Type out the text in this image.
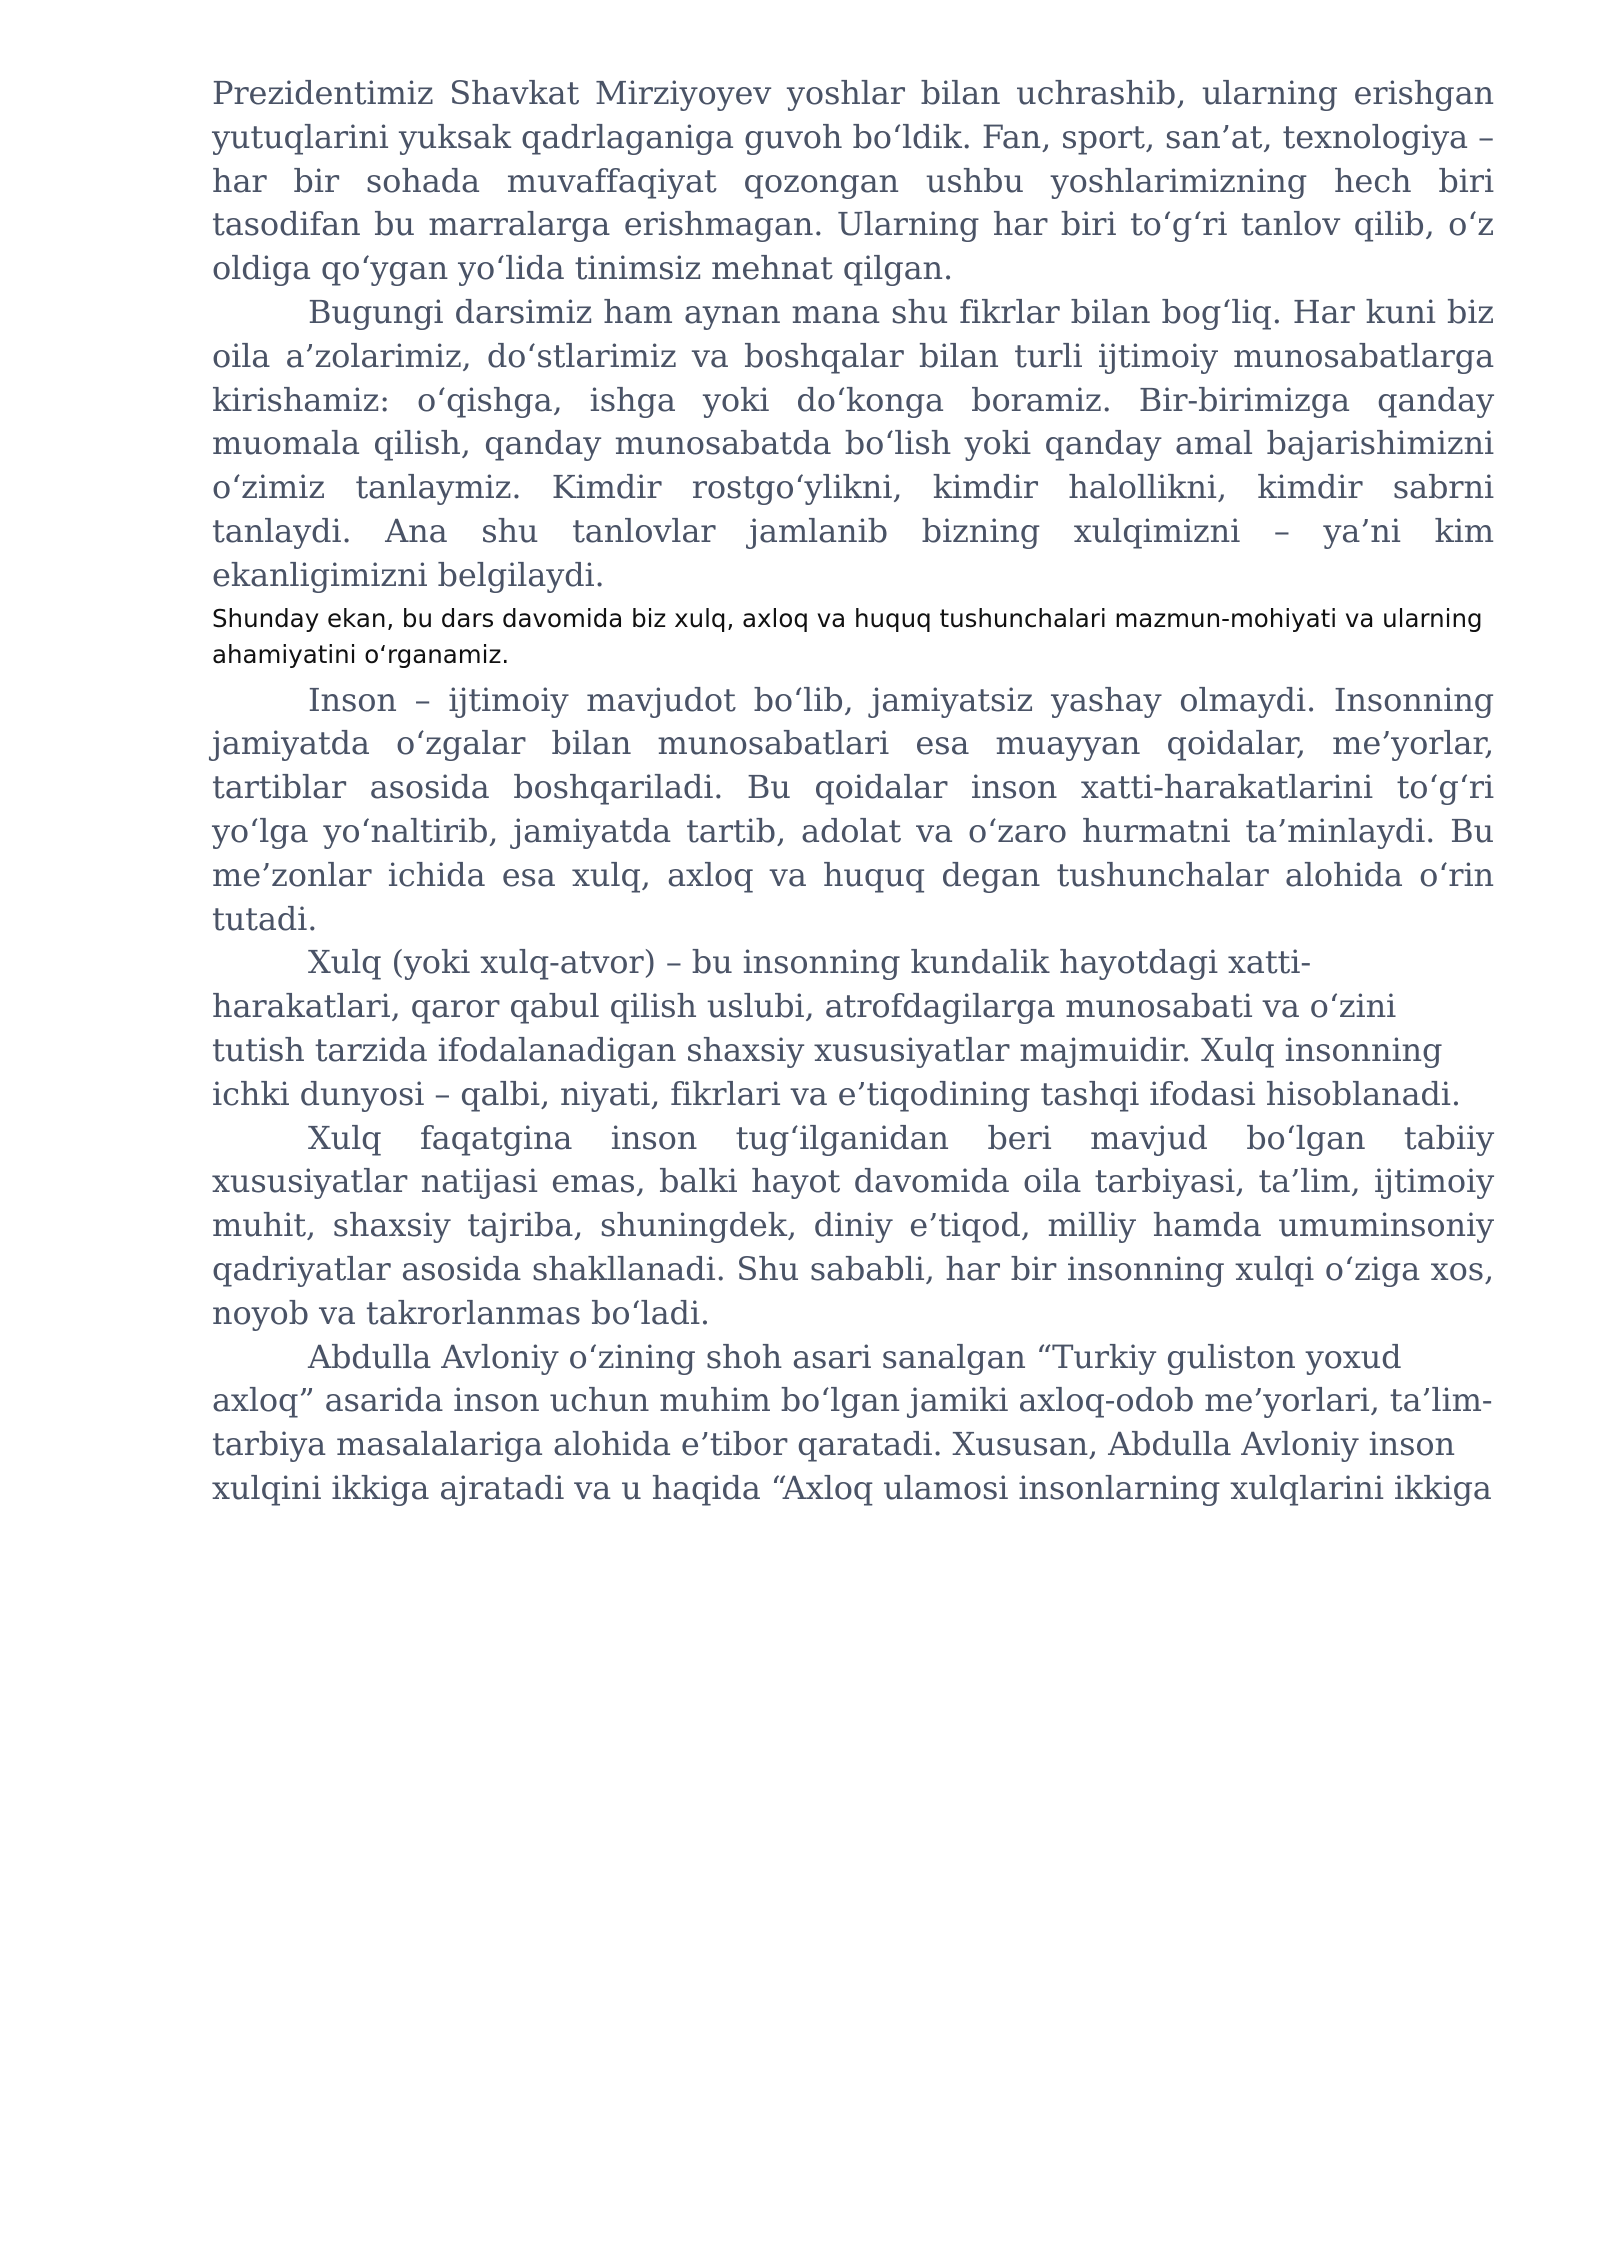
Prezidentimiz Shavkat Mirziyoyev yoshlar bilan uchrashib, ularning erishgan yutuqlarini yuksak qadrlaganiga guvoh bo‘ldik. Fan, sport, san’at, texnologiya – har bir sohada muvaffaqiyat qozongan ushbu yoshlarimizning hech biri tasodifan bu marralarga erishmagan. Ularning har biri to‘g‘ri tanlov qilib, o‘z oldiga qo‘ygan yo‘lida tinimsiz mehnat qilgan.

Bugungi darsimiz ham aynan mana shu fikrlar bilan bog‘liq. Har kuni biz oila a’zolarimiz, do‘stlarimiz va boshqalar bilan turli ijtimoiy munosabatlarga kirishamiz: o‘qishga, ishga yoki do‘konga boramiz. Bir-birimizga qanday muomala qilish, qanday munosabatda bo‘lish yoki qanday amal bajarishimizni o‘zimiz tanlaymiz. Kimdir rostgo‘ylikni, kimdir halollikni, kimdir sabrni tanlaydi. Ana shu tanlovlar jamlanib bizning xulqimizni – ya’ni kim ekanligimizni belgilaydi.

Shunday ekan, bu dars davomida biz xulq, axloq va huquq tushunchalari mazmun-mohiyati va ularning ahamiyatini o‘rganamiz.

Inson – ijtimoiy mavjudot bo‘lib, jamiyatsiz yashay olmaydi. Insonning jamiyatda o‘zgalar bilan munosabatlari esa muayyan qoidalar, me’yorlar, tartiblar asosida boshqariladi. Bu qoidalar inson xatti-harakatlarini to‘g‘ri yo‘lga yo‘naltirib, jamiyatda tartib, adolat va o‘zaro hurmatni ta’minlaydi. Bu me’zonlar ichida esa xulq, axloq va huquq degan tushunchalar alohida o‘rin tutadi.

Xulq (yoki xulq-atvor) – bu insonning kundalik hayotdagi xatti-harakatlari, qaror qabul qilish uslubi, atrofdagilarga munosabati va o‘zini tutish tarzida ifodalanadigan shaxsiy xususiyatlar majmuidir. Xulq insonning ichki dunyosi – qalbi, niyati, fikrlari va e’tiqodining tashqi ifodasi hisoblanadi.

Xulq faqatgina inson tug‘ilganidan beri mavjud bo‘lgan tabiiy xususiyatlar natijasi emas, balki hayot davomida oila tarbiyasi, ta’lim, ijtimoiy muhit, shaxsiy tajriba, shuningdek, diniy e’tiqod, milliy hamda umuminsoniy qadriyatlar asosida shakllanadi. Shu sababli, har bir insonning xulqi o‘ziga xos, noyob va takrorlanmas bo‘ladi.

Abdulla Avloniy o‘zining shoh asari sanalgan “Turkiy guliston yoxud axloq” asarida inson uchun muhim bo‘lgan jamiki axloq-odob me’yorlari, ta’lim-tarbiya masalalariga alohida e’tibor qaratadi. Xususan, Abdulla Avloniy inson xulqini ikkiga ajratadi va u haqida “Axloq ulamosi insonlarning xulqlarini ikkiga
